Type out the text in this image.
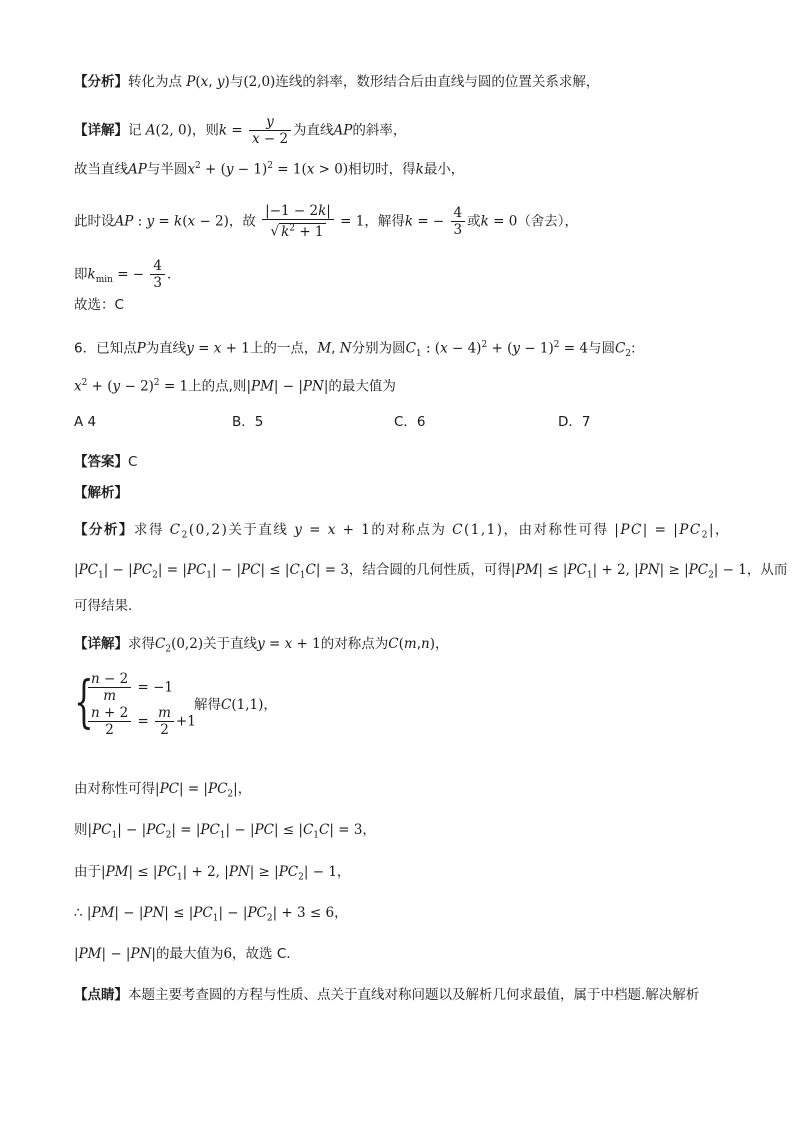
【分析】转化为点 P(x, y)与(2,0)连线的斜率，数形结合后由直线与圆的位置关系求解，
【详解】记 A(2, 0)，则$k = \frac{y}{x - 2}$ 为直线AP的斜率，
故当直线AP与半圆$x^2 + (y - 1)^2 = 1(x > 0)$相切时，得k最小，
此时设AP : y = k(x − 2)，故 $\frac{|-1 - 2k|}{√ k^2 + 1} = 1$，解得k = − $\frac{4}{3}$ 或k = 0（舍去），
即$k_{min}$ = − $\frac{4}{3}$ ．
故选：C
6．已知点P为直线y = x + 1上的一点，M, N分别为圆$C_1$ : $(x - 4)^2 + (y - 1)^2 = 4$与圆$C_2$:
$x^2 + (y - 2)^2 = 1$上的点,则|PM| − |PN|的最大值为
A 4	B．5	C．6	D．7
【答案】C
【解析】
【分析】求得 $C_2(0,2)$关于直线 y = x + 1的对称点为 C(1,1)，由对称性可得 $|PC| = |PC_2|$，
$|PC_1| - |PC_2| = |PC_1| - |PC| \le |C_1C| = 3$，结合圆的几何性质，可得$|PM| \le |PC_1| + 2$, $|PN| \ge |PC_2| - 1$，从而
可得结果.
【详解】求得$C_2(0,2)$关于直线y = x + 1的对称点为C(m,n)，
{
$\frac{n - 2}{m} = -1$
$\frac{n + 2}{2} = \frac{m}{2} +1$
解得C(1,1)，
由对称性可得$|PC| = |PC_2|$，
则$|PC_1| - |PC_2| = |PC_1| - |PC| \le |C_1C| = 3$，
由于$|PM| \le |PC_1| + 2$, $|PN| \ge |PC_2| - 1$，
∴ $|PM| - |PN| \le |PC_1| - |PC_2| + 3 \le 6$，
|PM| − |PN|的最大值为6，故选 C.
【点睛】本题主要考查圆的方程与性质、点关于直线对称问题以及解析几何求最值，属于中档题.解决解析
